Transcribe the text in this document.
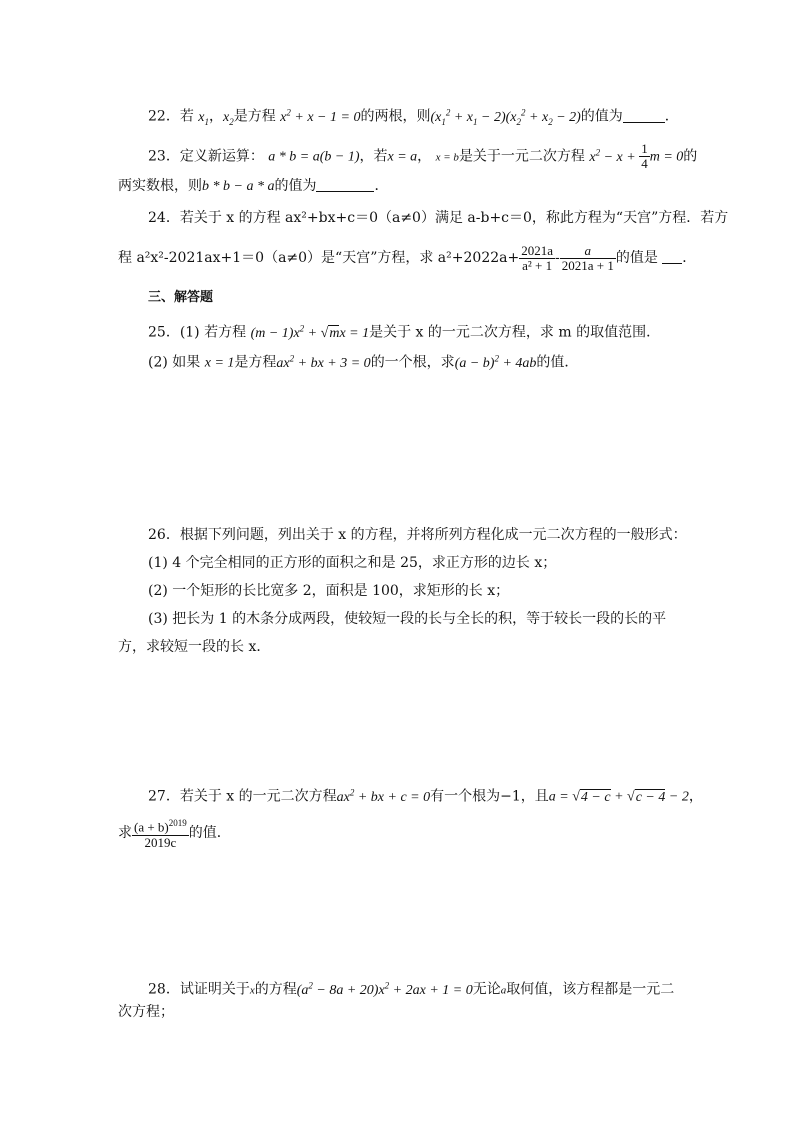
22．若 $x_1$，$x_2$是方程 $x^2 + x - 1 = 0$的两根，则$(x_1^2 + x_1 - 2)(x_2^2 + x_2 - 2)$的值为	．
23．定义新运算： a * b = a(b − 1)，若x = a， x = b是关于一元二次方程 $x^2 - x + \frac{1}{4}$ m = 0的
两实数根，则b * b − a * a的值为	．
24．若关于 x 的方程 ax²+bx+c＝0（a≠0）满足 a-b+c＝0，称此方程为“天宫”方程．若方
程 a²x²-2021ax+1＝0（a≠0）是“天宫”方程，求 $a^2+2022a+ \frac{2021a}{\text{a² + 1}} - \frac{a}{2021a + 1}$ 的值是 ．
三、解答题
25．(1) 若方程 $(m - 1)x^2 + √mx = 1$是关于 x 的一元二次方程，求 m 的取值范围．
(2) 如果 x = 1是方程$ax^2$ + bx + 3 = 0的一个根，求$(a - b)^2 + 4ab$的值．
26．根据下列问题，列出关于 x 的方程，并将所列方程化成一元二次方程的一般形式：
(1) 4 个完全相同的正方形的面积之和是 25，求正方形的边长 x；
(2) 一个矩形的长比宽多 2，面积是 100，求矩形的长 x；
(3) 把长为 1 的木条分成两段，使较短一段的长与全长的积，等于较长一段的长的平
方，求较短一段的长 x．
27．若关于 x 的一元二次方程$ax^2$ + bx + c = 0有一个根为−1，且a = √4 − c + √c − 4 − 2，
求 $\frac{(a + b)^{2019}}{2019c}$ 的值．
28．试证明关于x的方程$(a^2 - 8a + 20)x^2 + 2ax + 1 = 0$无论a取何值，该方程都是一元二
次方程；
